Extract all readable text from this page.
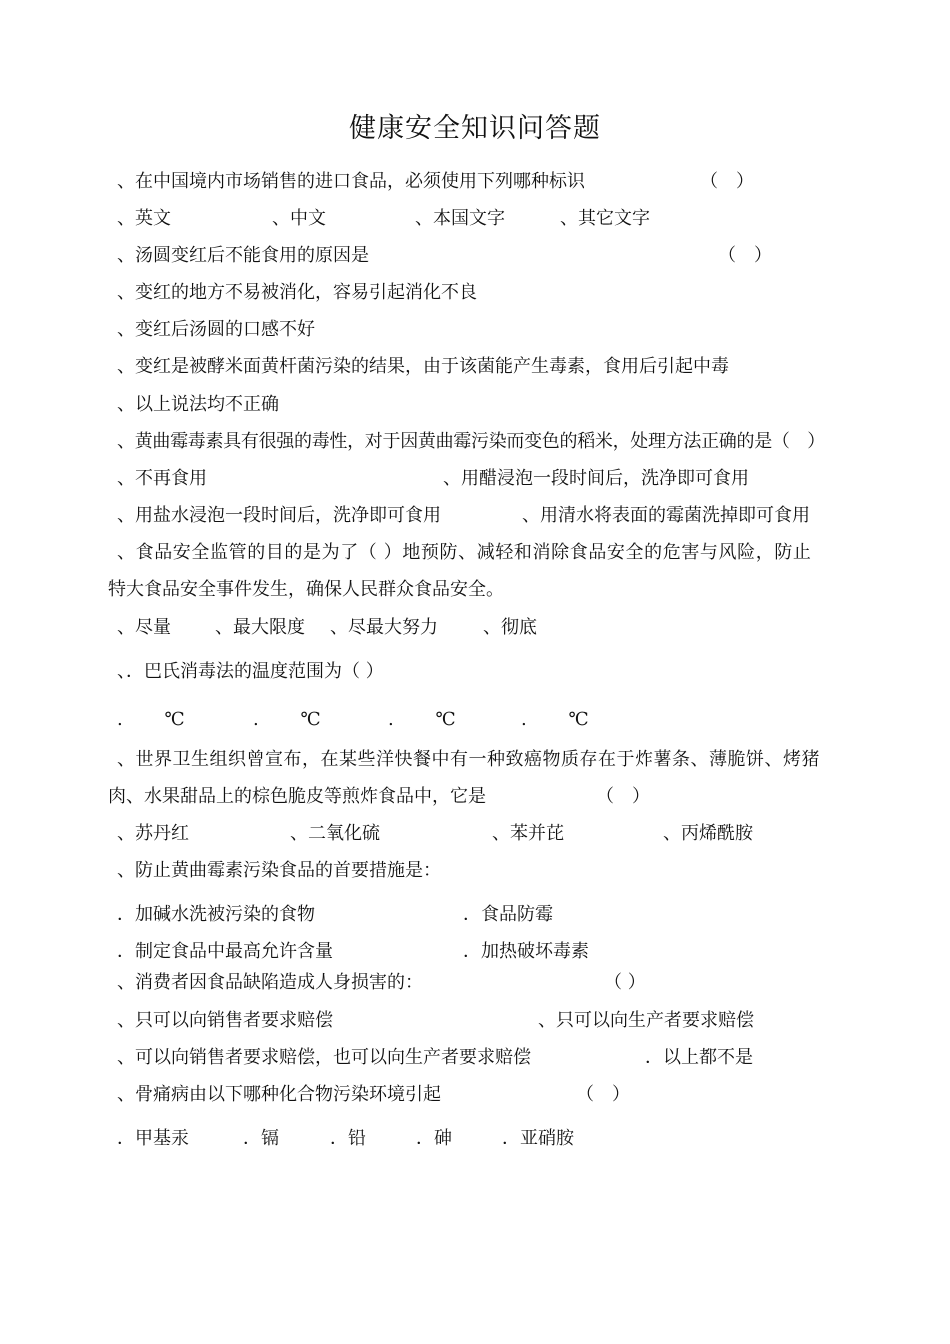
健康安全知识问答题
、在中国境内市场销售的进口食品，必须使用下列哪种标识	（　）
、英文	、中文	、本国文字	、其它文字
、汤圆变红后不能食用的原因是	（　）
、变红的地方不易被消化，容易引起消化不良
、变红后汤圆的口感不好
、变红是被酵米面黄杆菌污染的结果，由于该菌能产生毒素，食用后引起中毒
、以上说法均不正确
、黄曲霉毒素具有很强的毒性，对于因黄曲霉污染而变色的稻米，处理方法正确的是（　）
、不再食用	、用醋浸泡一段时间后，洗净即可食用
、用盐水浸泡一段时间后，洗净即可食用	、用清水将表面的霉菌洗掉即可食用
、食品安全监管的目的是为了（ ）地预防、减轻和消除食品安全的危害与风险，防止
特大食品安全事件发生，确保人民群众食品安全。
、尽量 、最大限度 、尽最大努力	、彻底
、．巴氏消毒法的温度范围为（ ）
. 　　℃	. 　　℃	. 　　℃	. 　　℃
、世界卫生组织曾宣布，在某些洋快餐中有一种致癌物质存在于炸薯条、薄脆饼、烤猪
肉、水果甜品上的棕色脆皮等煎炸食品中，它是	（　）
、苏丹红	、二氧化硫	、苯并芘	、丙烯酰胺
、防止黄曲霉素污染食品的首要措施是：
．加碱水洗被污染的食物	．食品防霉
．制定食品中最高允许含量	．加热破坏毒素
、消费者因食品缺陷造成人身损害的：	（ ）
、只可以向销售者要求赔偿	、只可以向生产者要求赔偿
、可以向销售者要求赔偿，也可以向生产者要求赔偿	．以上都不是
、骨痛病由以下哪种化合物污染环境引起	（　）
．甲基汞	．镉	．铅	．砷	．亚硝胺
